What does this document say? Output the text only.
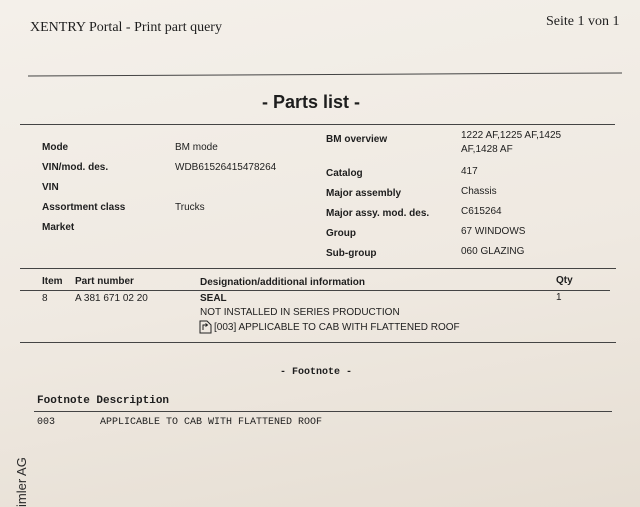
XENTRY Portal - Print part query	Seite 1 von 1
- Parts list -
Mode	BM mode
VIN/mod. des.	WDB61526415478264
VIN
Assortment class	Trucks
Market
BM overview	1222 AF,1225 AF,1425
AF,1428 AF
Catalog	417
Major assembly	Chassis
Major assy. mod. des.	C615264
Group	67 WINDOWS
Sub-group	060 GLAZING
Item Part number	Designation/additional information	Qty
8	A 381 671 02 20	SEAL	1
NOT INSTALLED IN SERIES PRODUCTION
[003] APPLICABLE TO CAB WITH FLATTENED ROOF
- Footnote -
Footnote Description
003	APPLICABLE TO CAB WITH FLATTENED ROOF
imler AG
